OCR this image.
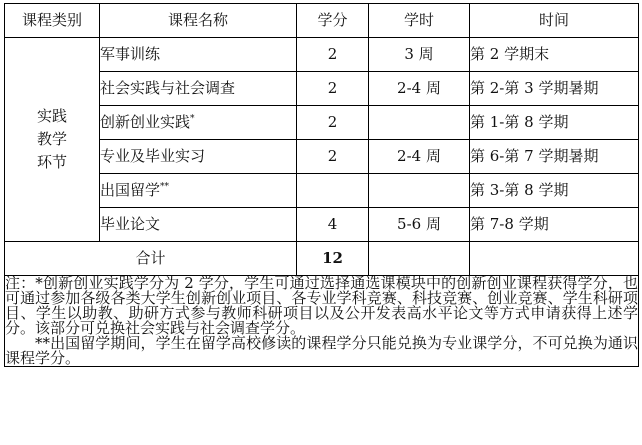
课程类别	课程名称	学分	学时	时间

实践
教学
环节	军事训练	2	3 周	第 2 学期末
	社会实践与社会调查	2	2-4 周	第 2-第 3 学期暑期
	创新创业实践*	2		第 1-第 8 学期
	专业及毕业实习	2	2-4 周	第 6-第 7 学期暑期
	出国留学**			第 3-第 8 学期
	毕业论文	4	5-6 周	第 7-8 学期
合计		12		
注：*创新创业实践学分为 2 学分，学生可通过选择通选课模块中的创新创业课程获得学分，也可通过参加各级各类大学生创新创业项目、各专业学科竞赛、科技竞赛、创业竞赛、学生科研项目、学生以助教、助研方式参与教师科研项目以及公开发表高水平论文等方式申请获得上述学分。该部分可兑换社会实践与社会调查学分。
**出国留学期间，学生在留学高校修读的课程学分只能兑换为专业课学分，不可兑换为通识课程学分。				
